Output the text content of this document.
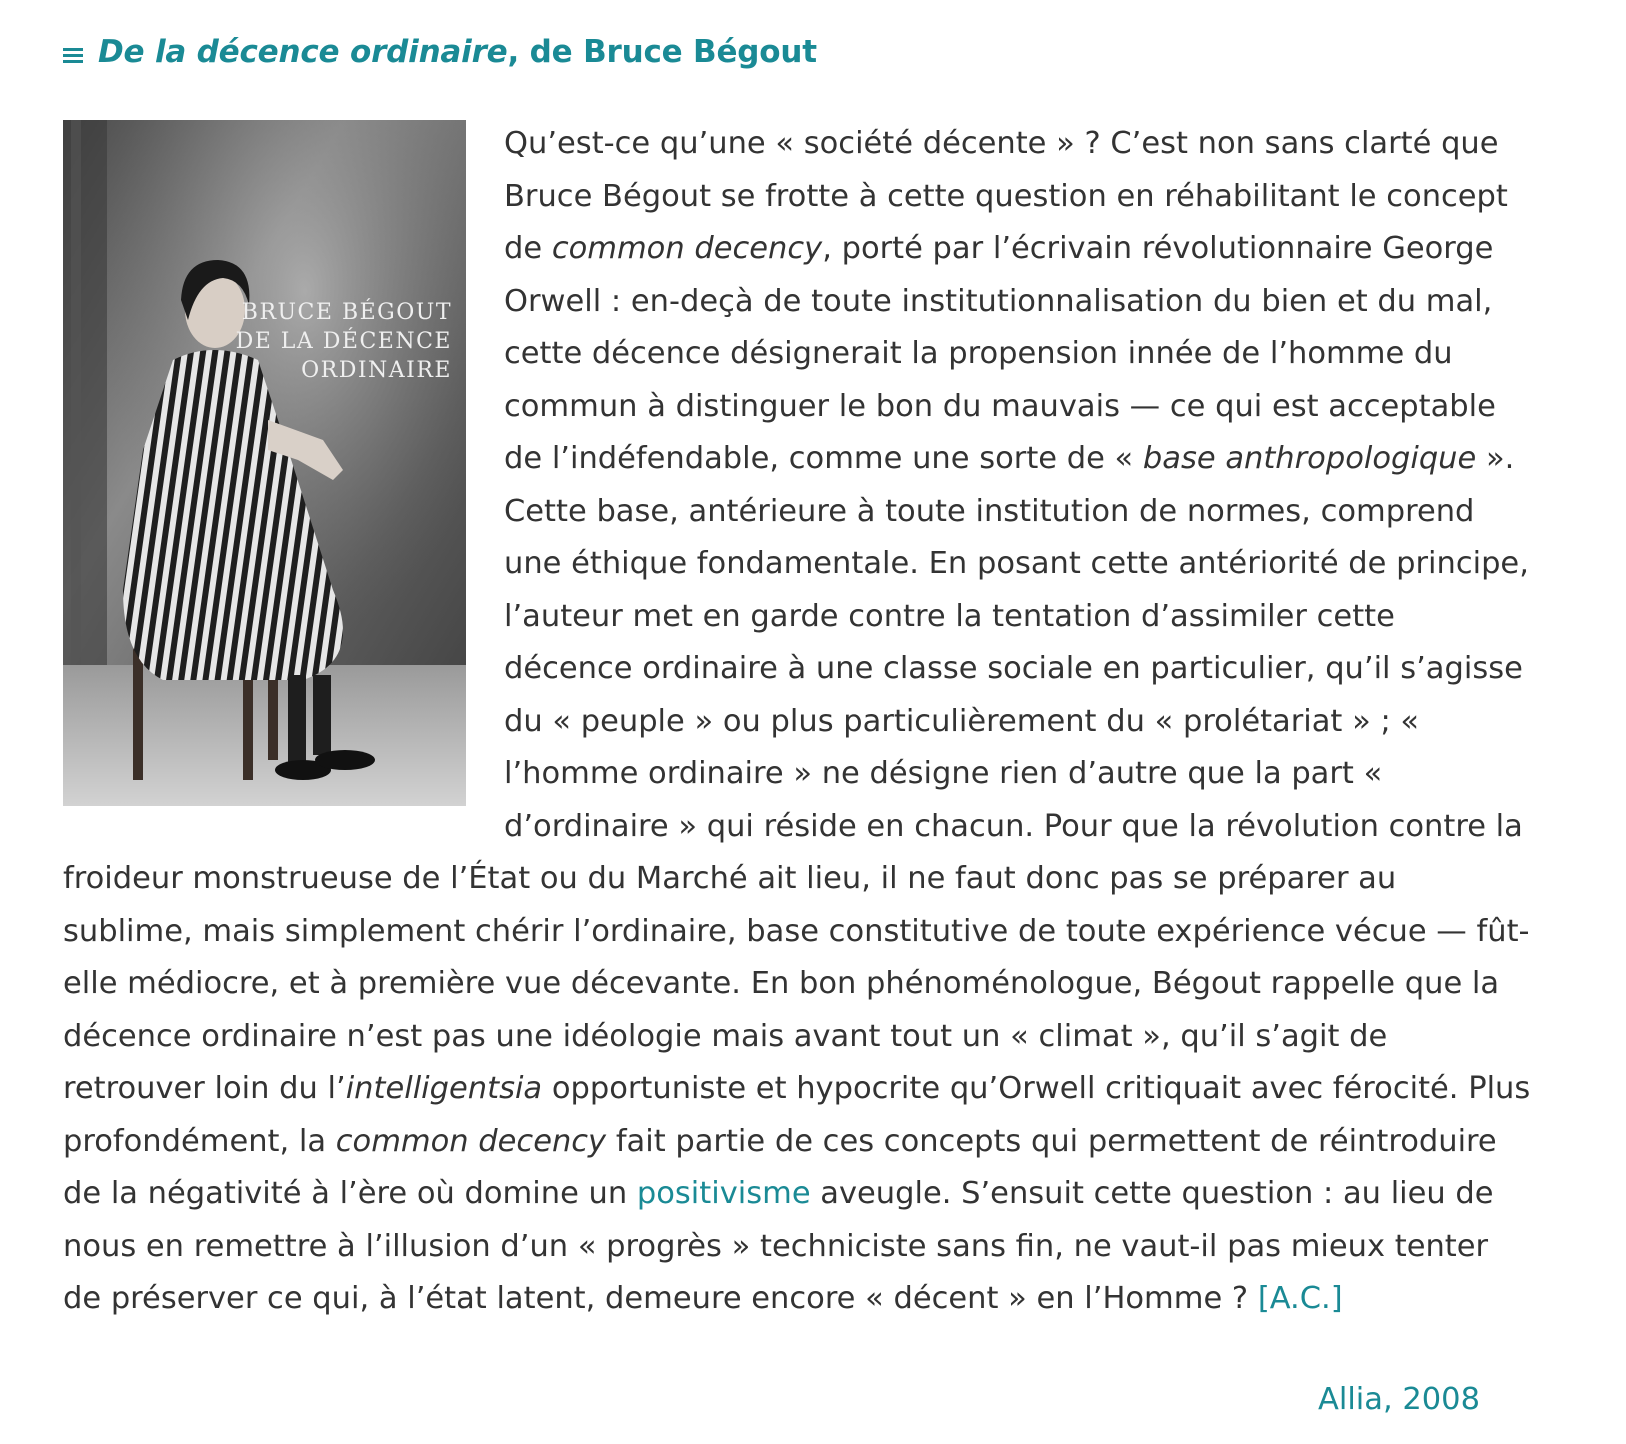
De la décence ordinaire , de Bruce Bégout
BRUCE BÉGOUT
DE LA DÉCENCE
ORDINAIRE

Qu’est-ce qu’une « société décente » ? C’est non sans clarté que Bruce Bégout se frotte à cette question en réhabilitant le concept de common decency, porté par l’écrivain révolutionnaire George Orwell : en-deçà de toute institutionnalisation du bien et du mal, cette décence désignerait la propension innée de l’homme du commun à distinguer le bon du mauvais — ce qui est acceptable de l’indéfendable, comme une sorte de « base anthropologique ». Cette base, antérieure à toute institution de normes, comprend une éthique fondamentale. En posant cette antériorité de principe, l’auteur met en garde contre la tentation d’assimiler cette décence ordinaire à une classe sociale en particulier, qu’il s’agisse du « peuple » ou plus particulièrement du « prolétariat » ; « l’homme ordinaire » ne désigne rien d’autre que la part « d’ordinaire » qui réside en chacun. Pour que la révolution contre la froideur monstrueuse de l’État ou du Marché ait lieu, il ne faut donc pas se préparer au sublime, mais simplement chérir l’ordinaire, base constitutive de toute expérience vécue — fût-elle médiocre, et à première vue décevante. En bon phénoménologue, Bégout rappelle que la décence ordinaire n’est pas une idéologie mais avant tout un « climat », qu’il s’agit de retrouver loin du l’intelligentsia opportuniste et hypocrite qu’Orwell critiquait avec férocité. Plus profondément, la common decency fait partie de ces concepts qui permettent de réintroduire de la négativité à l’ère où domine un positivisme aveugle. S’ensuit cette question : au lieu de nous en remettre à l’illusion d’un « progrès » techniciste sans fin, ne vaut-il pas mieux tenter de préserver ce qui, à l’état latent, demeure encore « décent » en l’Homme ? [A.C.]

Allia, 2008
